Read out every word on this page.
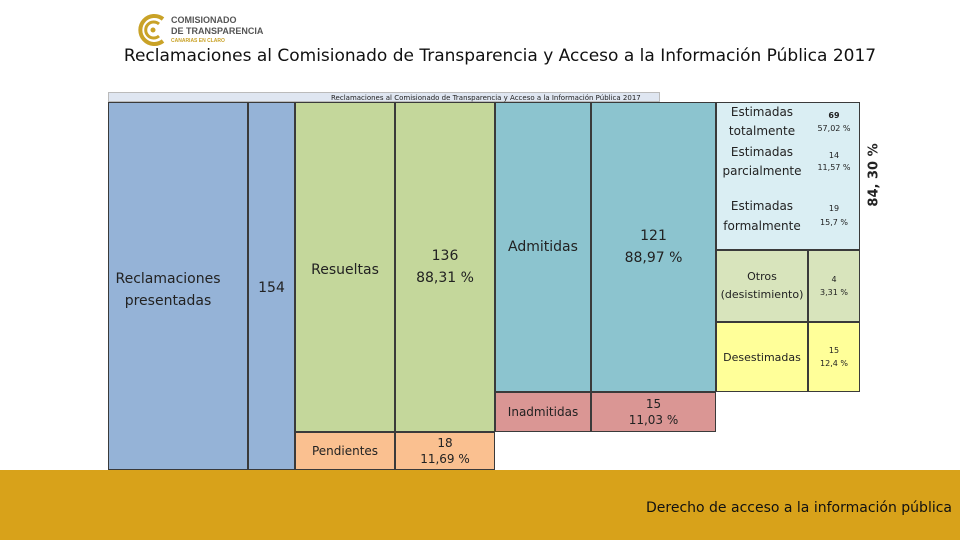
COMISIONADO
DE TRANSPARENCIA
CANARIAS EN CLARO
Reclamaciones al Comisionado de Transparencia y Acceso a la Información Pública 2017
Reclamaciones al Comisionado de Transparencia y Acceso a la Información Pública 2017
Reclamaciones presentadas
154
Resueltas
136
88,31 %
Pendientes
18
11,69 %
Admitidas
121
88,97 %
Inadmitidas
15
11,03 %
Estimadas totalmente
69
57,02 %
Estimadas parcialmente
14
11,57 %
Estimadas formalmente
19
15,7 %
84, 30 %
Otros (desistimiento)
4
3,31 %
Desestimadas	15
12,4 %
Derecho de acceso a la información pública
